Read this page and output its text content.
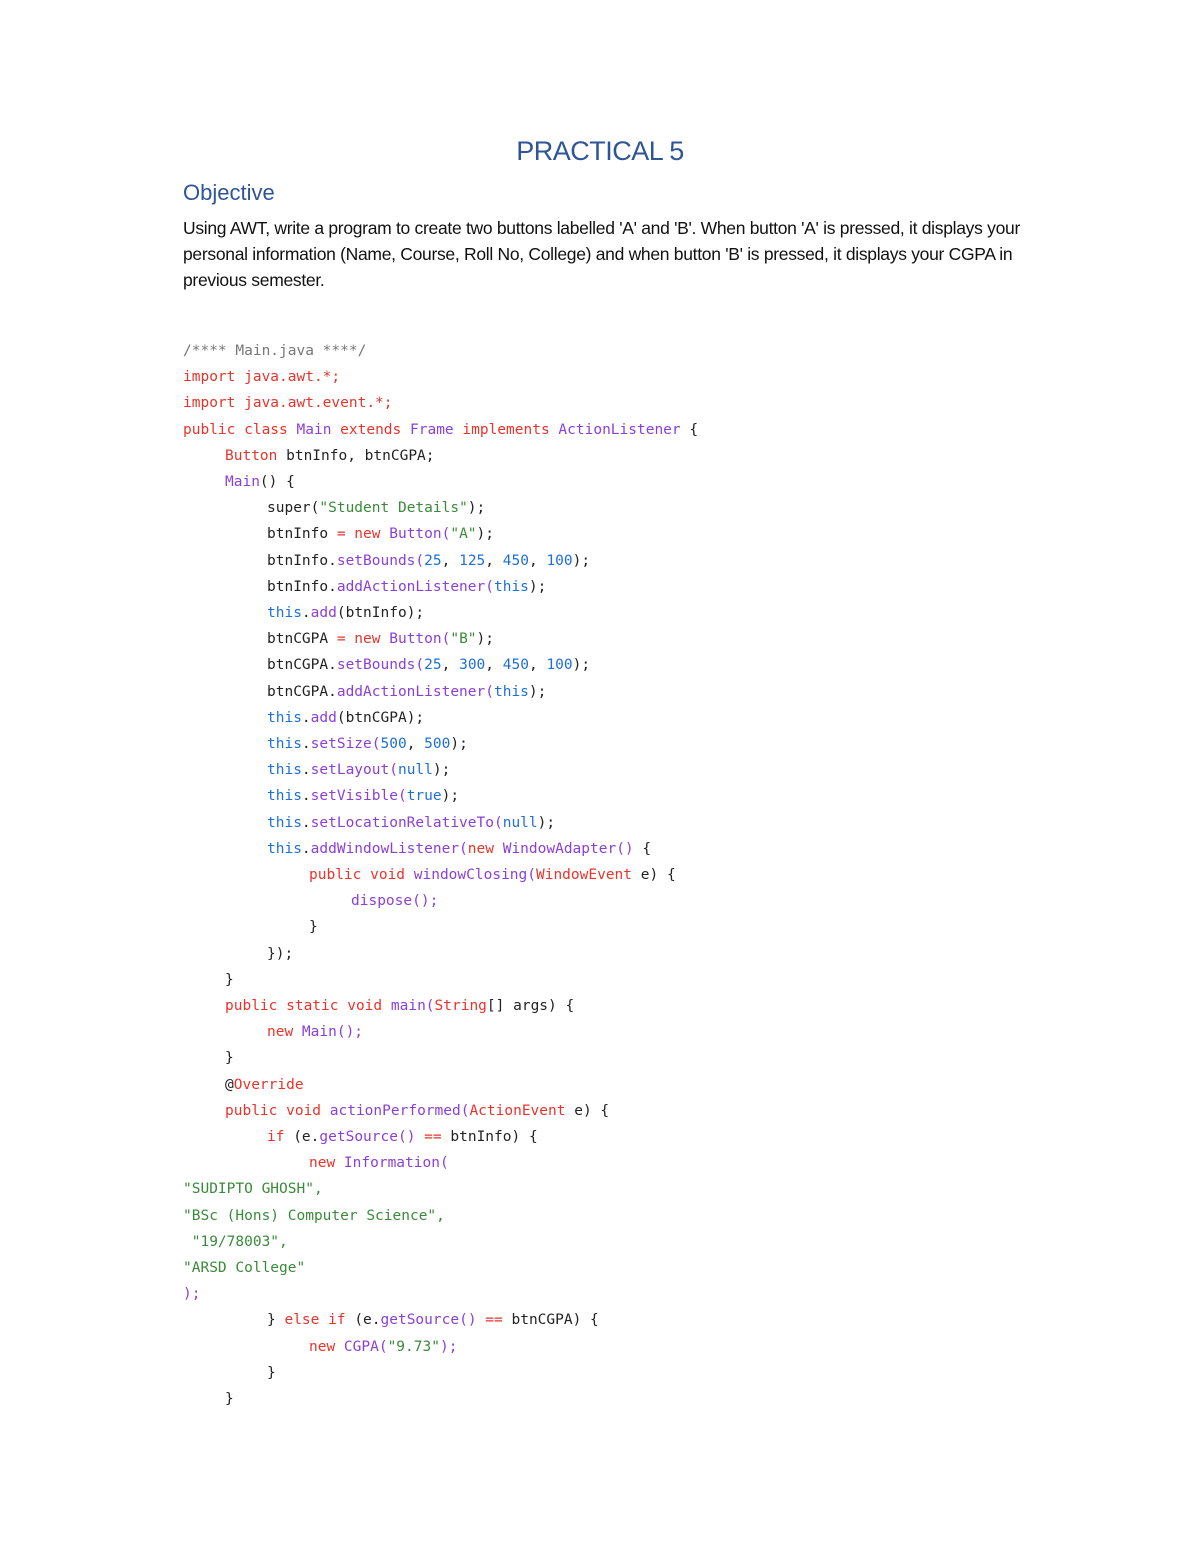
PRACTICAL 5
Objective
Using AWT, write a program to create two buttons labelled 'A' and 'B'. When button 'A' is pressed, it displays your personal information (Name, Course, Roll No, College) and when button 'B' is pressed, it displays your CGPA in previous semester.
/**** Main.java ****/
import java.awt.*;
import java.awt.event.*;
public class Main extends Frame implements ActionListener {
Button btnInfo, btnCGPA;
Main() {
super("Student Details");
btnInfo = new Button("A");
btnInfo.setBounds(25, 125, 450, 100);
btnInfo.addActionListener(this);
this.add(btnInfo);
btnCGPA = new Button("B");
btnCGPA.setBounds(25, 300, 450, 100);
btnCGPA.addActionListener(this);
this.add(btnCGPA);
this.setSize(500, 500);
this.setLayout(null);
this.setVisible(true);
this.setLocationRelativeTo(null);
this.addWindowListener(new WindowAdapter() {
public void windowClosing(WindowEvent e) {
dispose();
}
});
}
public static void main(String[] args) {
new Main();
}
@Override
public void actionPerformed(ActionEvent e) {
if (e.getSource() == btnInfo) {
new Information(
"SUDIPTO GHOSH",
"BSc (Hons) Computer Science",
"19/78003",
"ARSD College"
);
} else if (e.getSource() == btnCGPA) {
new CGPA("9.73");
}
}
